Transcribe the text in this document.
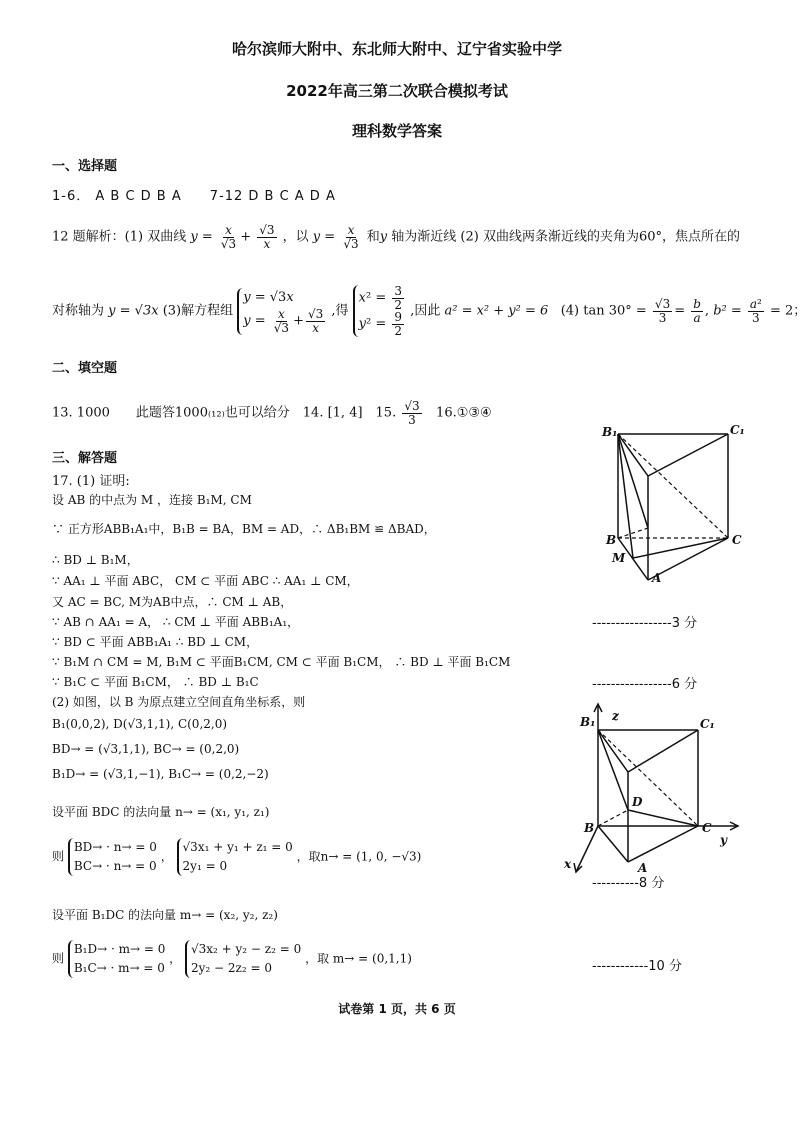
哈尔滨师大附中、东北师大附中、辽宁省实验中学
2022年高三第二次联合模拟考试
理科数学答案
一、选择题
1-6． A B C D B A　　7-12 D B C A D A
12 题解析：(1) 双曲线 $y = \frac{x}{√3} + \frac{√3}{x}$ ，以 $y = \frac{x}{√3}$ 和y 轴为渐近线 (2) 双曲线两条渐近线的夹角为60°，焦点所在的
对称轴为 y = √3x (3)解方程组 y = √3x
$y = \frac{x}{√3} + \frac{√3}{x}$ ,得 $x^2 = \frac{3}{2}$

$y^2 = \frac{9}{2}$ ,因此 a² = x² + y² = 6 (4) $\tan 30^\circ = \frac{√3}{3} = \frac{b}{a}$ , $b^2 = \frac{\text{a²}}{3} = 2$；
二、填空题
13. 1000　　此题答1000₍₁₂₎也可以给分　14. [1, 4]　15. $\frac{√3}{3}$ 16.①③④
三、解答题
17. (1) 证明:
设 AB 的中点为 M ，连接 B₁M, CM
∵ 正方形ABB₁A₁中，B₁B = BA，BM = AD，∴ ΔB₁BM ≌ ΔBAD，
∴ BD ⊥ B₁M，
∵ AA₁ ⊥ 平面 ABC， CM ⊂ 平面 ABC ∴ AA₁ ⊥ CM，
又 AC = BC, M为AB中点，∴ CM ⊥ AB，
∵ AB ∩ AA₁ = A， ∴ CM ⊥ 平面 ABB₁A₁，
∵ BD ⊂ 平面 ABB₁A₁ ∴ BD ⊥ CM，
∵ B₁M ∩ CM = M, B₁M ⊂ 平面B₁CM, CM ⊂ 平面 B₁CM， ∴ BD ⊥ 平面 B₁CM
∵ B₁C ⊂ 平面 B₁CM， ∴ BD ⊥ B₁C
(2) 如图，以 B 为原点建立空间直角坐标系，则
B₁(0,0,2), D(√3,1,1), C(0,2,0)
BD→ = (√3,1,1), BC→ = (0,2,0)
B₁D→ = (√3,1,−1), B₁C→ = (0,2,−2)
设平面 BDC 的法向量 n→ = (x₁, y₁, z₁)
则 BD→ · n→ = 0
BC→ · n→ = 0 ， √3x₁ + y₁ + z₁ = 0
2y₁ = 0 ，取n→ = (1, 0, −√3)
设平面 B₁DC 的法向量 m→ = (x₂, y₂, z₂)
则 B₁D→ · m→ = 0
B₁C→ · m→ = 0 ， √3x₂ + y₂ − z₂ = 0
2y₂ − 2z₂ = 0 ，取 m→ = (0,1,1)
-----------------3 分
-----------------6 分
----------8 分
------------10 分
B₁	C₁
B	C
M
A
B₁ z
C₁
D
B	C
A
x
y
试卷第 1 页，共 6 页
